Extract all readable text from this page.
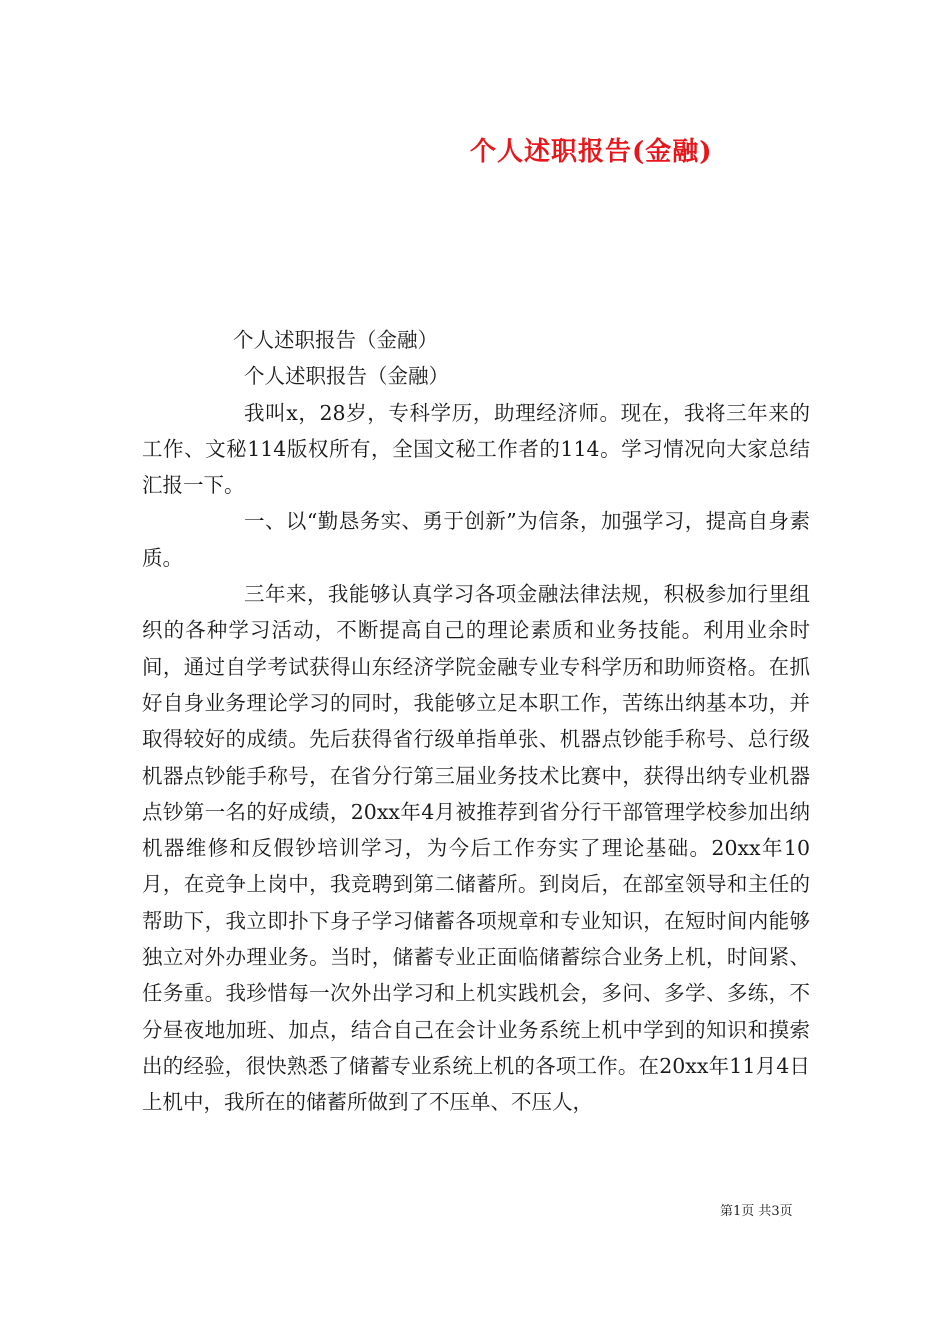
个人述职报告(金融)

个人述职报告（金融）

个人述职报告（金融）

我叫x，28岁，专科学历，助理经济师。现在，我将三年来的工作、文秘114版权所有，全国文秘工作者的114。学习情况向大家总结汇报一下。

一、以“勤恳务实、勇于创新”为信条，加强学习，提高自身素质。

三年来，我能够认真学习各项金融法律法规，积极参加行里组织的各种学习活动，不断提高自己的理论素质和业务技能。利用业余时间，通过自学考试获得山东经济学院金融专业专科学历和助师资格。在抓好自身业务理论学习的同时，我能够立足本职工作，苦练出纳基本功，并取得较好的成绩。先后获得省行级单指单张、机器点钞能手称号、总行级机器点钞能手称号，在省分行第三届业务技术比赛中，获得出纳专业机器点钞第一名的好成绩，20xx年4月被推荐到省分行干部管理学校参加出纳机器维修和反假钞培训学习，为今后工作夯实了理论基础。20xx年10月，在竞争上岗中，我竞聘到第二储蓄所。到岗后，在部室领导和主任的帮助下，我立即扑下身子学习储蓄各项规章和专业知识，在短时间内能够独立对外办理业务。当时，储蓄专业正面临储蓄综合业务上机，时间紧、任务重。我珍惜每一次外出学习和上机实践机会，多问、多学、多练，不分昼夜地加班、加点，结合自己在会计业务系统上机中学到的知识和摸索出的经验，很快熟悉了储蓄专业系统上机的各项工作。在20xx年11月4日上机中，我所在的储蓄所做到了不压单、不压人，

第1页 共3页
